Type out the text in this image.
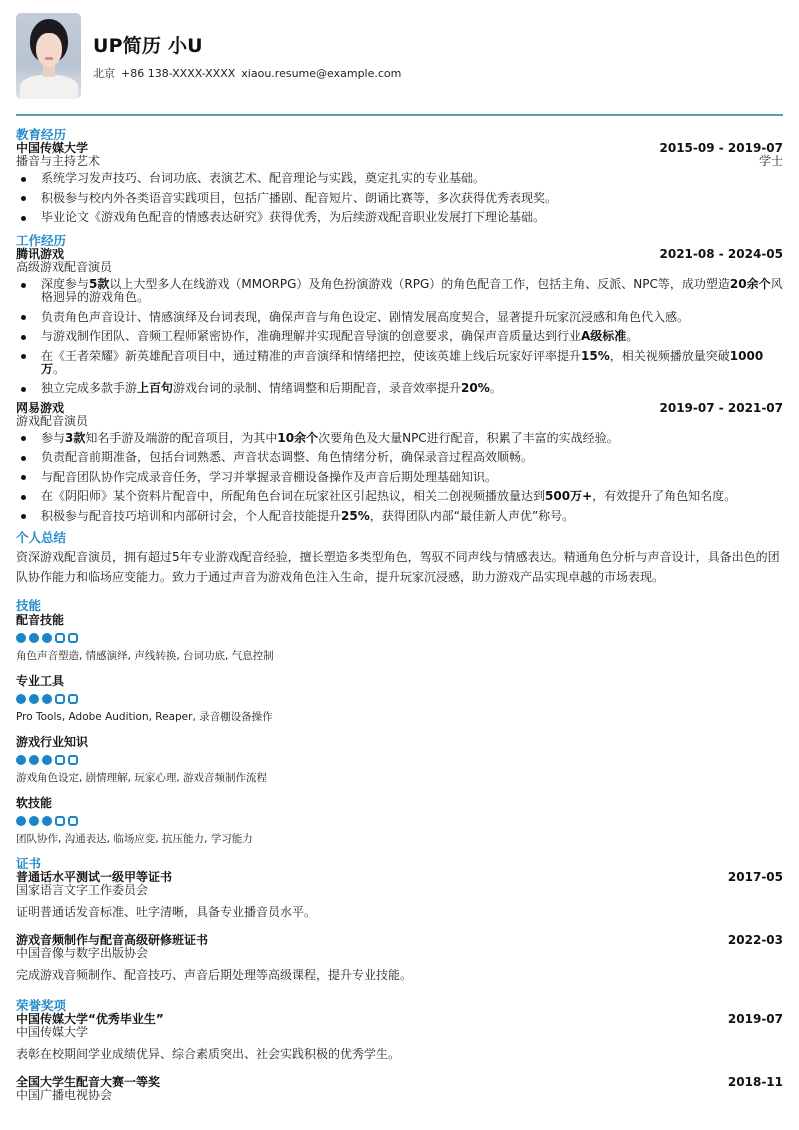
UP简历 小U
北京 +86 138-XXXX-XXXX xiaou.resume@example.com
教育经历
中国传媒大学
播音与主持艺术
2015-09 - 2019-07
学士
系统学习发声技巧、台词功底、表演艺术、配音理论与实践，奠定扎实的专业基础。
积极参与校内外各类语音实践项目，包括广播剧、配音短片、朗诵比赛等，多次获得优秀表现奖。
毕业论文《游戏角色配音的情感表达研究》获得优秀，为后续游戏配音职业发展打下理论基础。
工作经历
腾讯游戏
高级游戏配音演员
2021-08 - 2024-05
深度参与5款以上大型多人在线游戏（MMORPG）及角色扮演游戏（RPG）的角色配音工作，包括主角、反派、NPC等，成功塑造20余个风格迥异的游戏角色。
负责角色声音设计、情感演绎及台词表现，确保声音与角色设定、剧情发展高度契合，显著提升玩家沉浸感和角色代入感。
与游戏制作团队、音频工程师紧密协作，准确理解并实现配音导演的创意要求，确保声音质量达到行业A级标准。
在《王者荣耀》新英雄配音项目中，通过精准的声音演绎和情绪把控，使该英雄上线后玩家好评率提升15%，相关视频播放量突破1000万。
独立完成多款手游上百句游戏台词的录制、情绪调整和后期配音，录音效率提升20%。
网易游戏
游戏配音演员
2019-07 - 2021-07
参与3款知名手游及端游的配音项目，为其中10余个次要角色及大量NPC进行配音，积累了丰富的实战经验。
负责配音前期准备，包括台词熟悉、声音状态调整、角色情绪分析，确保录音过程高效顺畅。
与配音团队协作完成录音任务，学习并掌握录音棚设备操作及声音后期处理基础知识。
在《阴阳师》某个资料片配音中，所配角色台词在玩家社区引起热议，相关二创视频播放量达到500万+，有效提升了角色知名度。
积极参与配音技巧培训和内部研讨会，个人配音技能提升25%，获得团队内部“最佳新人声优”称号。
个人总结
资深游戏配音演员，拥有超过5年专业游戏配音经验，擅长塑造多类型角色，驾驭不同声线与情感表达。精通角色分析与声音设计，具备出色的团队协作能力和临场应变能力。致力于通过声音为游戏角色注入生命，提升玩家沉浸感，助力游戏产品实现卓越的市场表现。
技能
配音技能
角色声音塑造, 情感演绎, 声线转换, 台词功底, 气息控制
专业工具
Pro Tools, Adobe Audition, Reaper, 录音棚设备操作
游戏行业知识
游戏角色设定, 剧情理解, 玩家心理, 游戏音频制作流程
软技能
团队协作, 沟通表达, 临场应变, 抗压能力, 学习能力
证书
普通话水平测试一级甲等证书
国家语言文字工作委员会
2017-05
证明普通话发音标准、吐字清晰，具备专业播音员水平。
游戏音频制作与配音高级研修班证书
中国音像与数字出版协会
2022-03
完成游戏音频制作、配音技巧、声音后期处理等高级课程，提升专业技能。
荣誉奖项
中国传媒大学“优秀毕业生”
中国传媒大学
2019-07
表彰在校期间学业成绩优异、综合素质突出、社会实践积极的优秀学生。
全国大学生配音大赛一等奖
中国广播电视协会
2018-11
